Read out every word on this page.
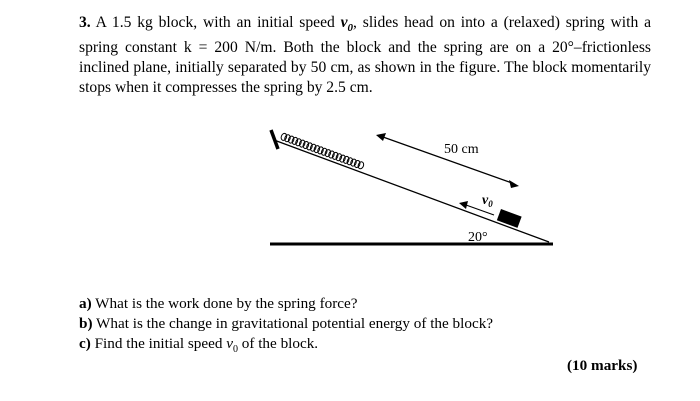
3. A 1.5 kg block, with an initial speed $v_0$, slides head on into a (relaxed) spring with a spring constant k = 200 N/m. Both the block and the spring are on a 20°–frictionless inclined plane, initially separated by 50 cm, as shown in the figure. The block momentarily stops when it compresses the spring by 2.5 cm.
50 cm
$v_0$
20°
a) What is the work done by the spring force?
b) What is the change in gravitational potential energy of the block?
c) Find the initial speed $v_0$ of the block.
(10 marks)
